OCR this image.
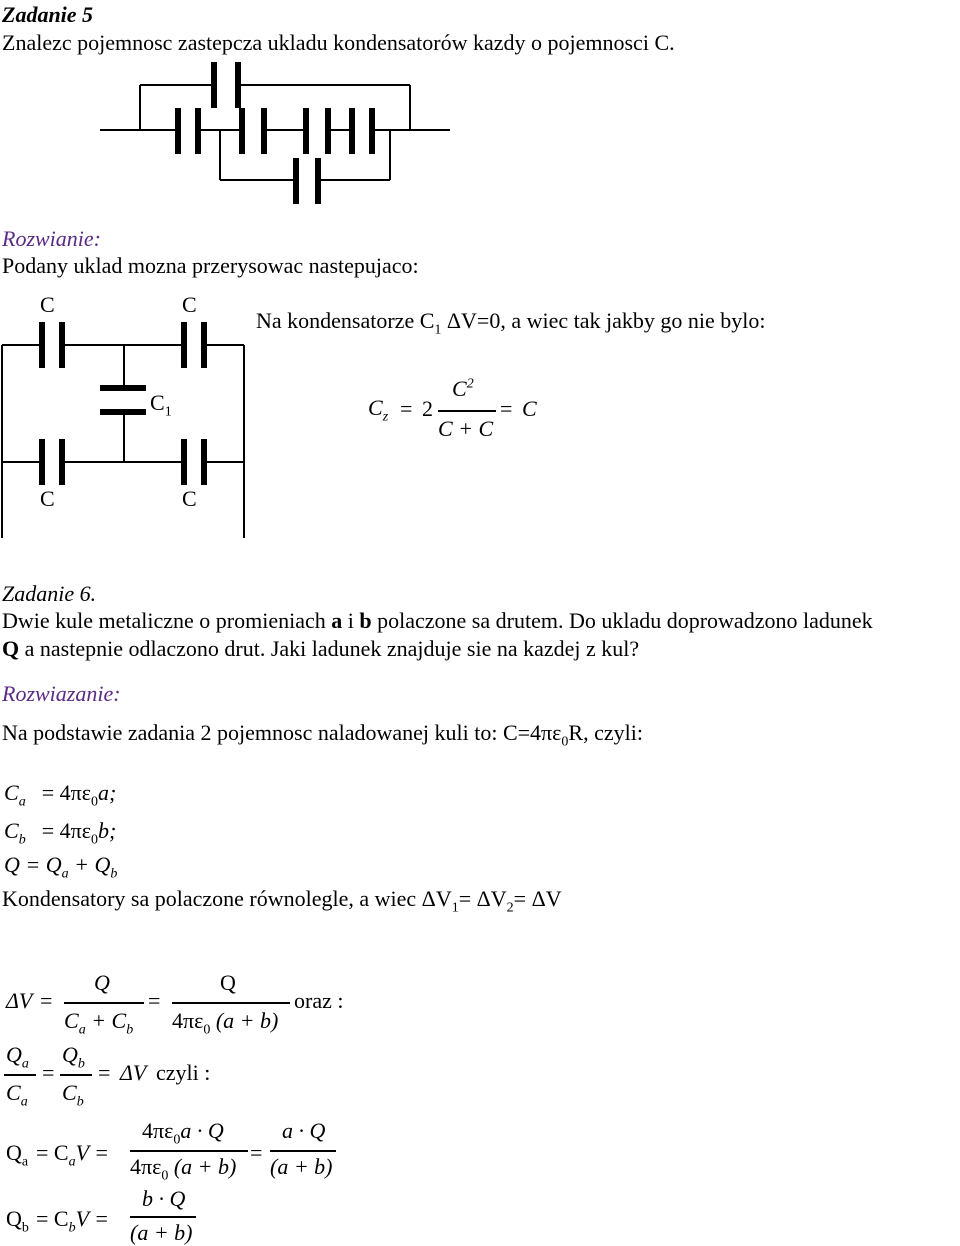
Zadanie 5
Znalezc pojemnosc zastepcza ukladu kondensatorów kazdy o pojemnosci C.
Rozwianie:
Podany uklad mozna przerysowac nastepujaco:
C	C
$C_1$
C	C
Na kondensatorze $C_1$ ΔV=0, a wiec tak jakby go nie bylo:
$C_z = 2$
$C^2$
C + C
= C
Zadanie 6.
Dwie kule metaliczne o promieniach a i b polaczone sa drutem. Do ukladu doprowadzono ladunek
Q a nastepnie odlaczono drut. Jaki ladunek znajduje sie na kazdej z kul?
Rozwiazanie:
Na podstawie zadania 2 pojemnosc naladowanej kuli to: $C=4\pi\varepsilon_0R$, czyli:
$C_a = 4\pi\varepsilon_0a$;
$C_b = 4\pi\varepsilon_0b$;
$Q = Q_a + Q_b$
Kondensatory sa polaczone równolegle, a wiec $\Delta V_1= \Delta V_2= \Delta V$
ΔV =
Q
$C_a + C_b$
=
Q
$4\pi\varepsilon_0$ (a + b)
oraz :
$Q_a$
$C_a$
=
$Q_b$
$C_b$
= ΔV czyli :
$Q_a = C_aV$ =
$4\pi\varepsilon_0a \cdot Q$
$4\pi\varepsilon_0$ (a + b)
=
a · Q
(a + b)
$Q_b = C_bV$ =
b · Q
(a + b)
